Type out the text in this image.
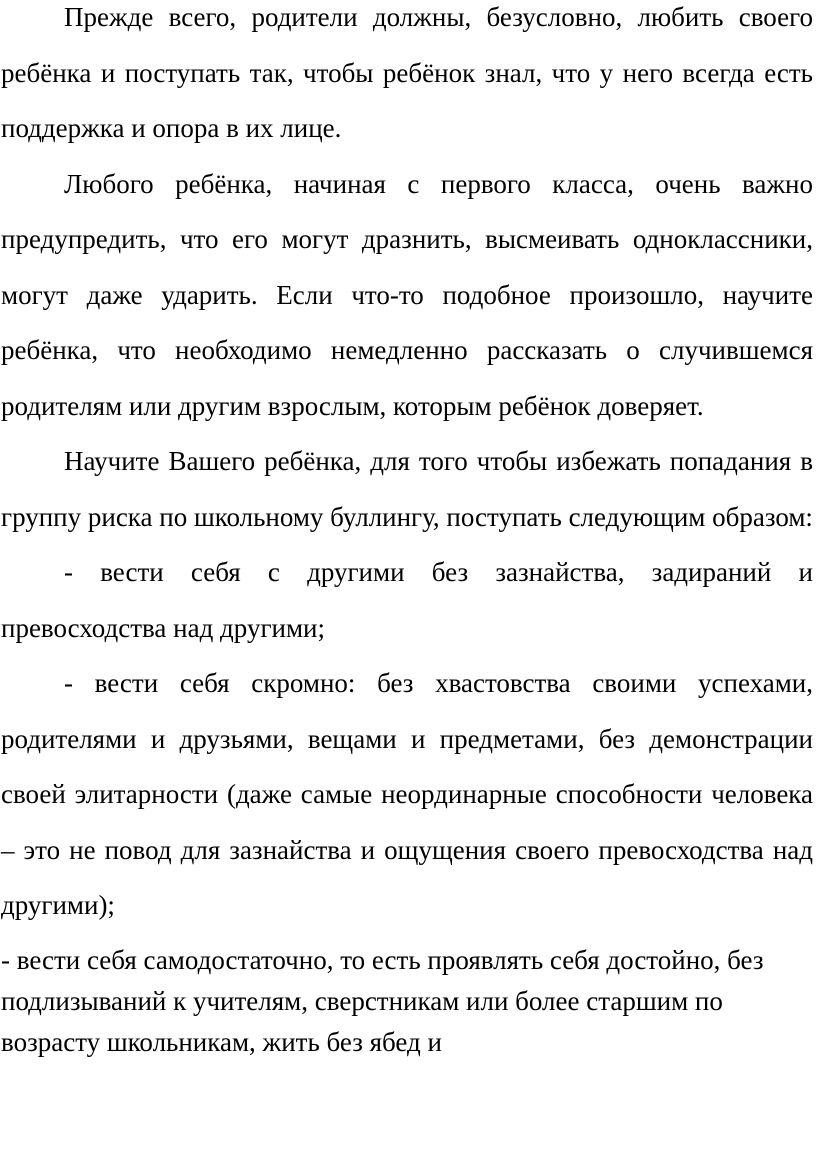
Прежде всего, родители должны, безусловно, любить своего ребёнка и поступать так, чтобы ребёнок знал, что у него всегда есть поддержка и опора в их лице.

Любого ребёнка, начиная с первого класса, очень важно предупредить, что его могут дразнить, высмеивать одноклассники, могут даже ударить. Если что-то подобное произошло, научите ребёнка, что необходимо немедленно рассказать о случившемся родителям или другим взрослым, которым ребёнок доверяет.

Научите Вашего ребёнка, для того чтобы избежать попадания в группу риска по школьному буллингу, поступать следующим образом:

- вести себя с другими без зазнайства, задираний и превосходства над другими;

- вести себя скромно: без хвастовства своими успехами, родителями и друзьями, вещами и предметами, без демонстрации своей элитарности (даже самые неординарные способности человека – это не повод для зазнайства и ощущения своего превосходства над другими);

- вести себя самодостаточно, то есть проявлять себя достойно, без подлизываний к учителям, сверстникам или более старшим по возрасту школьникам, жить без ябед и
